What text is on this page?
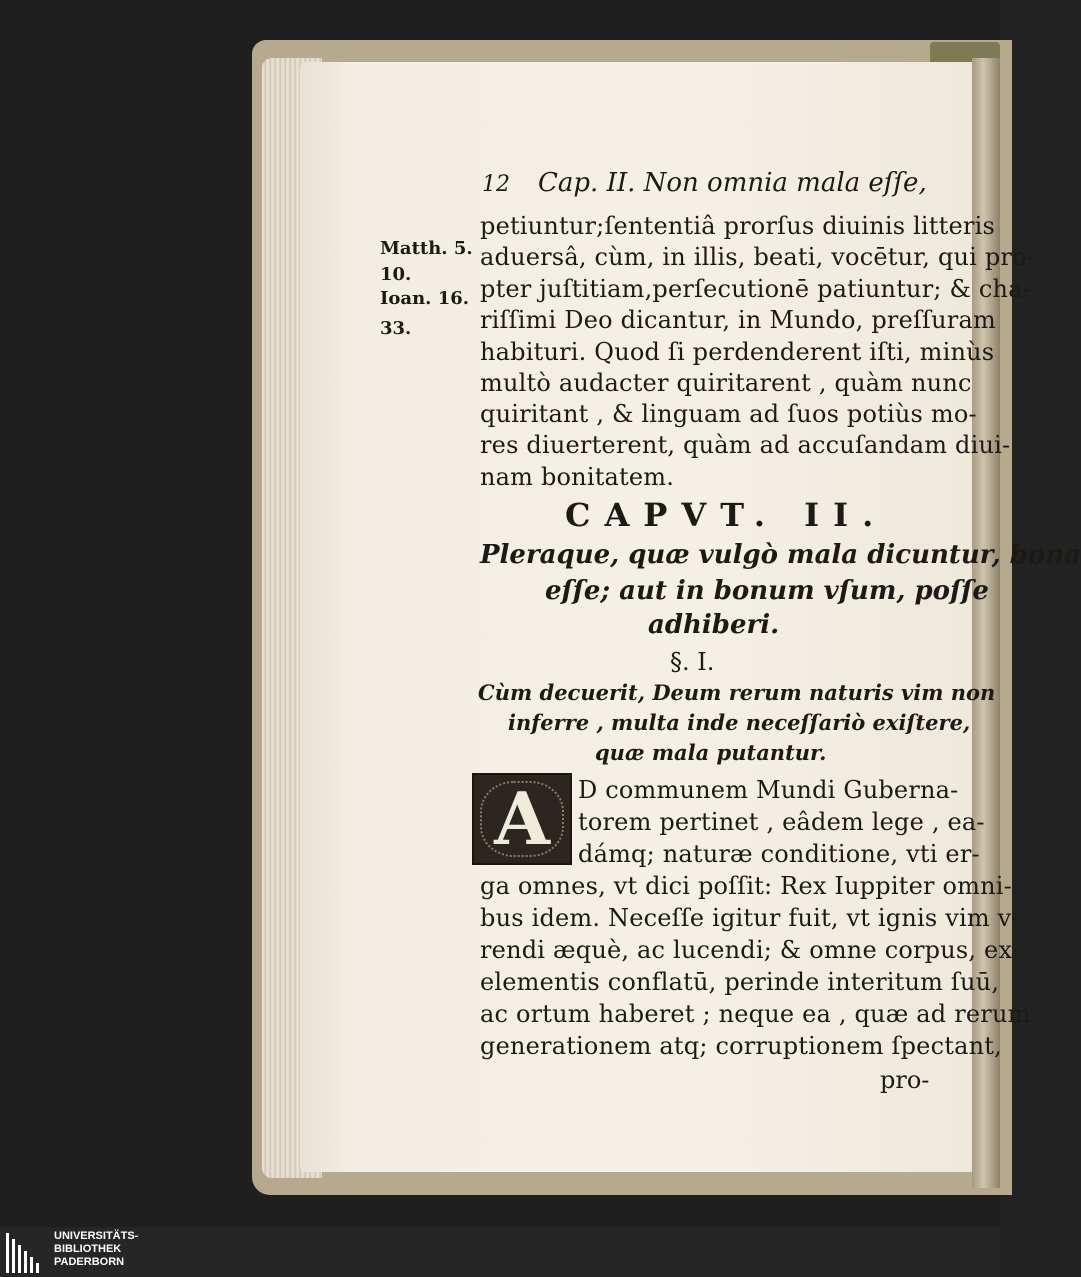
12 Cap. II. Non omnia mala eſſe,
Matth. 5.
10.
Ioan. 16.
33.
petiuntur;ſententiâ prorſus diuinis litteris
aduersâ, cùm, in illis, beati, vocētur, qui pro-
pter juſtitiam,perſecutionē patiuntur; & cha-
riſſimi Deo dicantur, in Mundo, preſſuram
habituri. Quod ſi perdenderent iſti, minùs
multò audacter quiritarent , quàm nunc
quiritant , & linguam ad ſuos potiùs mo-
res diuerterent, quàm ad accuſandam diui-
nam bonitatem.
CAPVT. II.
Pleraque, quæ vulgò mala dicuntur, bona
eſſe; aut in bonum vſum, poſſe
adhiberi.
§. I.
Cùm decuerit, Deum rerum naturis vim non
inferre , multa inde neceſſariò exiſtere,
quæ mala putantur.
A D communem Mundi Guberna-
torem pertinet , eâdem lege , ea-
dámq; naturæ conditione, vti er-
ga omnes, vt dici poſſit: Rex Iuppiter omni-
bus idem. Neceſſe igitur fuit, vt ignis vim v-
rendi æquè, ac lucendi; & omne corpus, ex
elementis conflatū, perinde interitum ſuū,
ac ortum haberet ; neque ea , quæ ad rerum
generationem atq; corruptionem ſpectant,
pro-
UNIVERSITÄTS-
BIBLIOTHEK
PADERBORN
